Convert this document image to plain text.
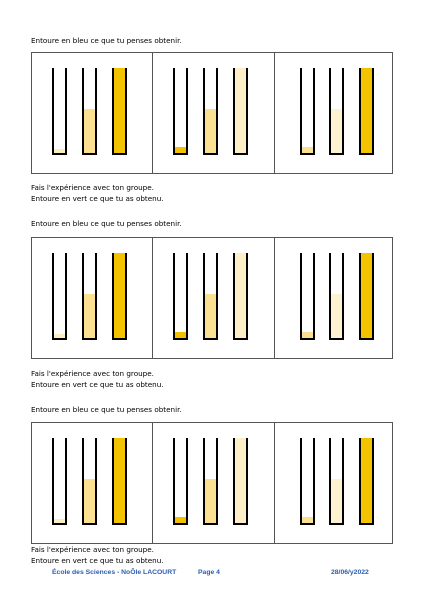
Entoure en bleu ce que tu penses obtenir.
Fais l'expérience avec ton groupe.
Entoure en vert ce que tu as obtenu.
Entoure en bleu ce que tu penses obtenir.
Fais l'expérience avec ton groupe.
Entoure en vert ce que tu as obtenu.
Entoure en bleu ce que tu penses obtenir.
Fais l'expérience avec ton groupe.
Entoure en vert ce que tu as obtenu.
École des Sciences - NoÔle LACOURT	Page 4	28/06/y2022
